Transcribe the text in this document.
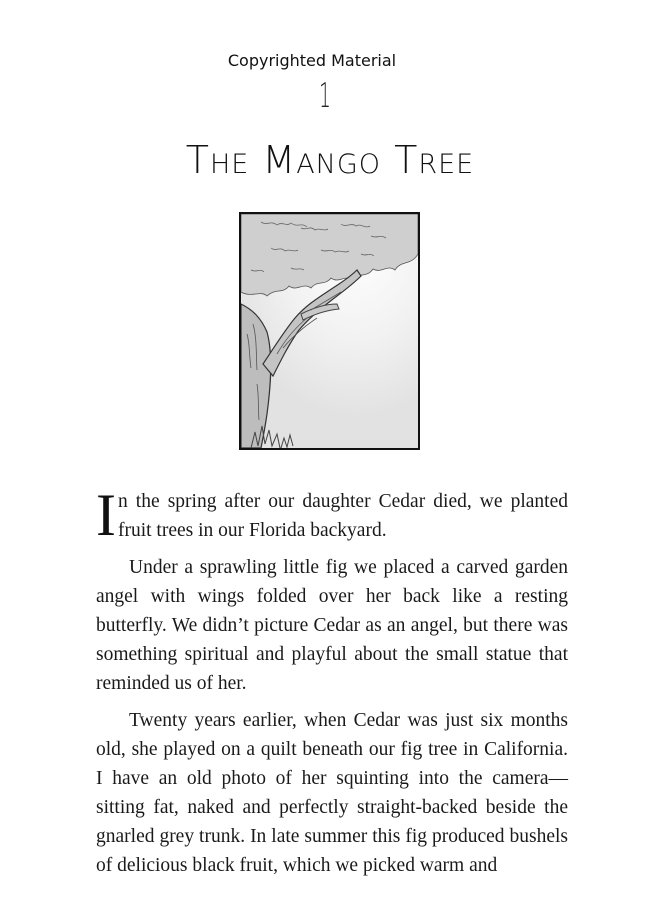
Copyrighted Material
1
The Mango Tree

In the spring after our daughter Cedar died, we planted fruit trees in our Florida backyard.

Under a sprawling little fig we placed a carved garden angel with wings folded over her back like a resting butterfly. We didn’t picture Cedar as an angel, but there was something spiritual and playful about the small statue that reminded us of her.

Twenty years earlier, when Cedar was just six months old, she played on a quilt beneath our fig tree in California. I have an old photo of her squinting into the camera— sitting fat, naked and perfectly straight-backed beside the gnarled grey trunk. In late summer this fig produced bushels of delicious black fruit, which we picked warm and
